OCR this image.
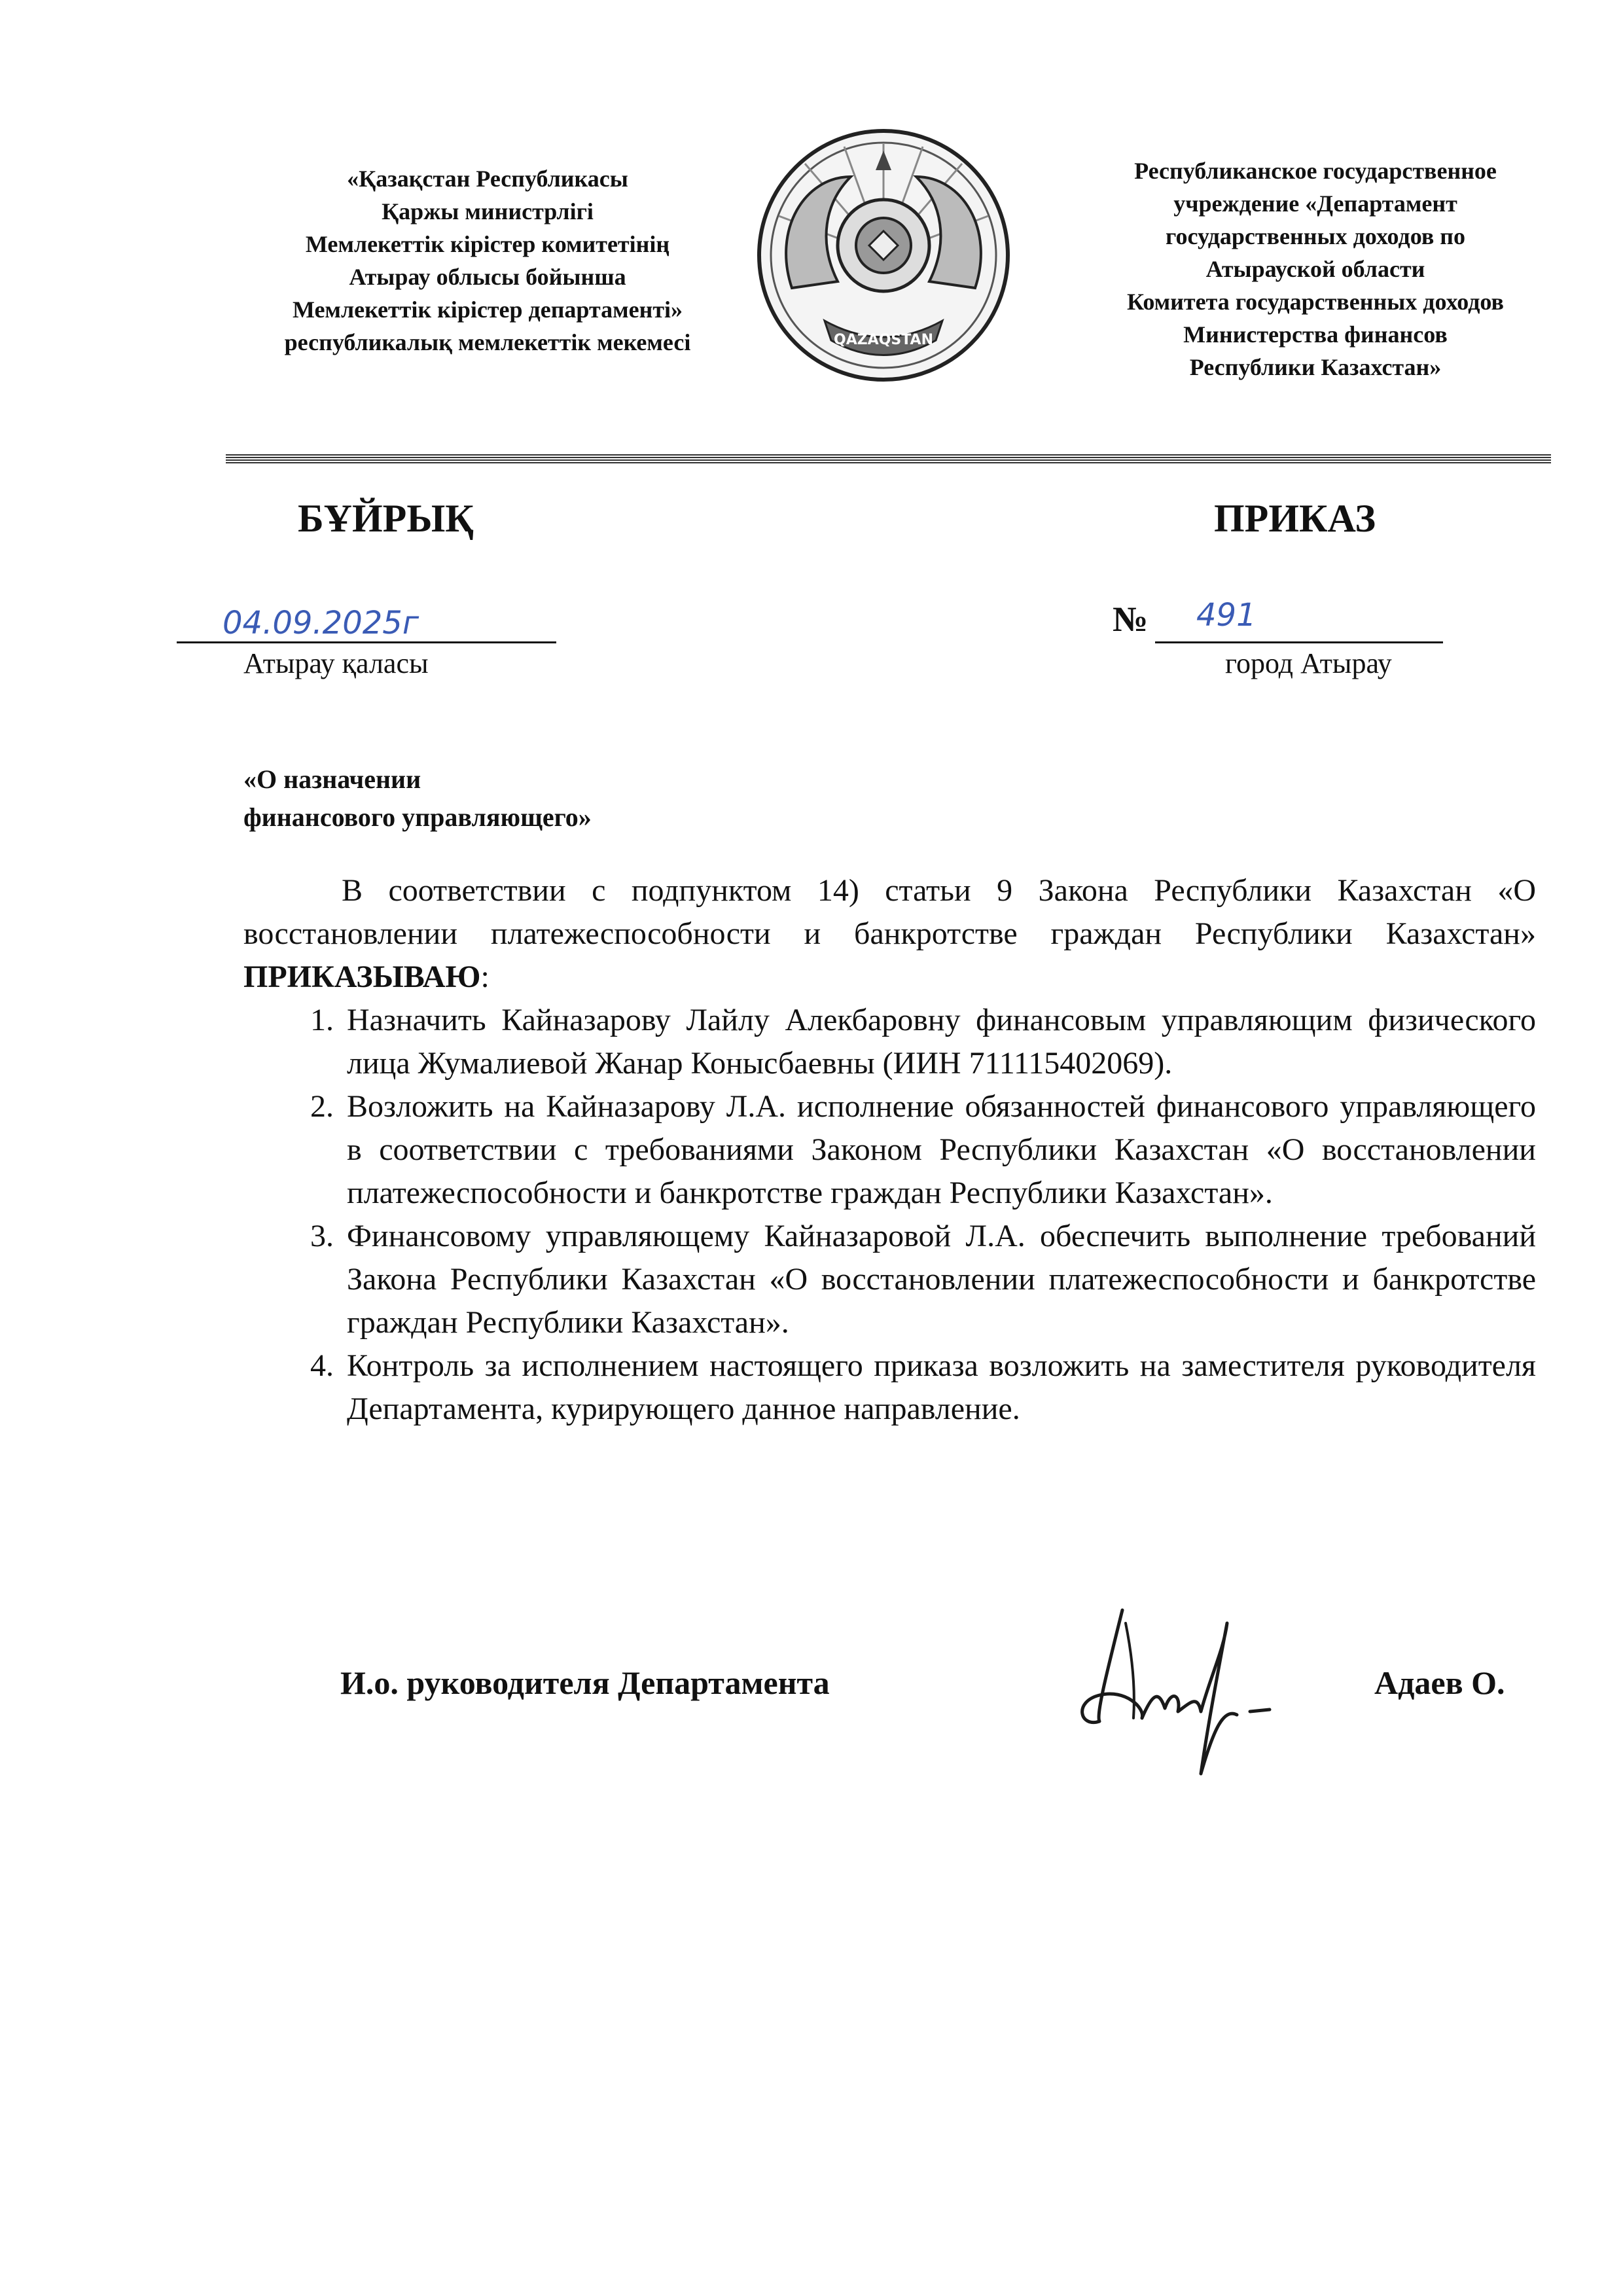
«Қазақстан Республикасы
Қаржы министрлігі
Мемлекеттік кірістер комитетінің
Атырау облысы бойынша
Мемлекеттік кірістер департаменті»
республикалық мемлекеттік мекемесі	QAZAQSTAN
Республиканское государственное
учреждение «Департамент
государственных доходов по
Атырауской области
Комитета государственных доходов
Министерства финансов
Республики Казахстан»
БҰЙРЫҚ	ПРИКАЗ
04.09.2025г
Атырау қаласы
№ 491
город Атырау
«О назначении
финансового управляющего»
В соответствии с подпунктом 14) статьи 9 Закона Республики Казахстан «О восстановлении платежеспособности и банкротстве граждан Республики Казахстан» ПРИКАЗЫВАЮ:
1. Назначить Кайназарову Лайлу Алекбаровну финансовым управляющим физического лица Жумалиевой Жанар Конысбаевны (ИИН 711115402069).
2. Возложить на Кайназарову Л.А. исполнение обязанностей финансового управляющего в соответствии с требованиями Законом Республики Казахстан «О восстановлении платежеспособности и банкротстве граждан Республики Казахстан».
3. Финансовому управляющему Кайназаровой Л.А. обеспечить выполнение требований Закона Республики Казахстан «О восстановлении платежеспособности и банкротстве граждан Республики Казахстан».
4. Контроль за исполнением настоящего приказа возложить на заместителя руководителя Департамента, курирующего данное направление.
И.о. руководителя Департамента	Адаев О.
